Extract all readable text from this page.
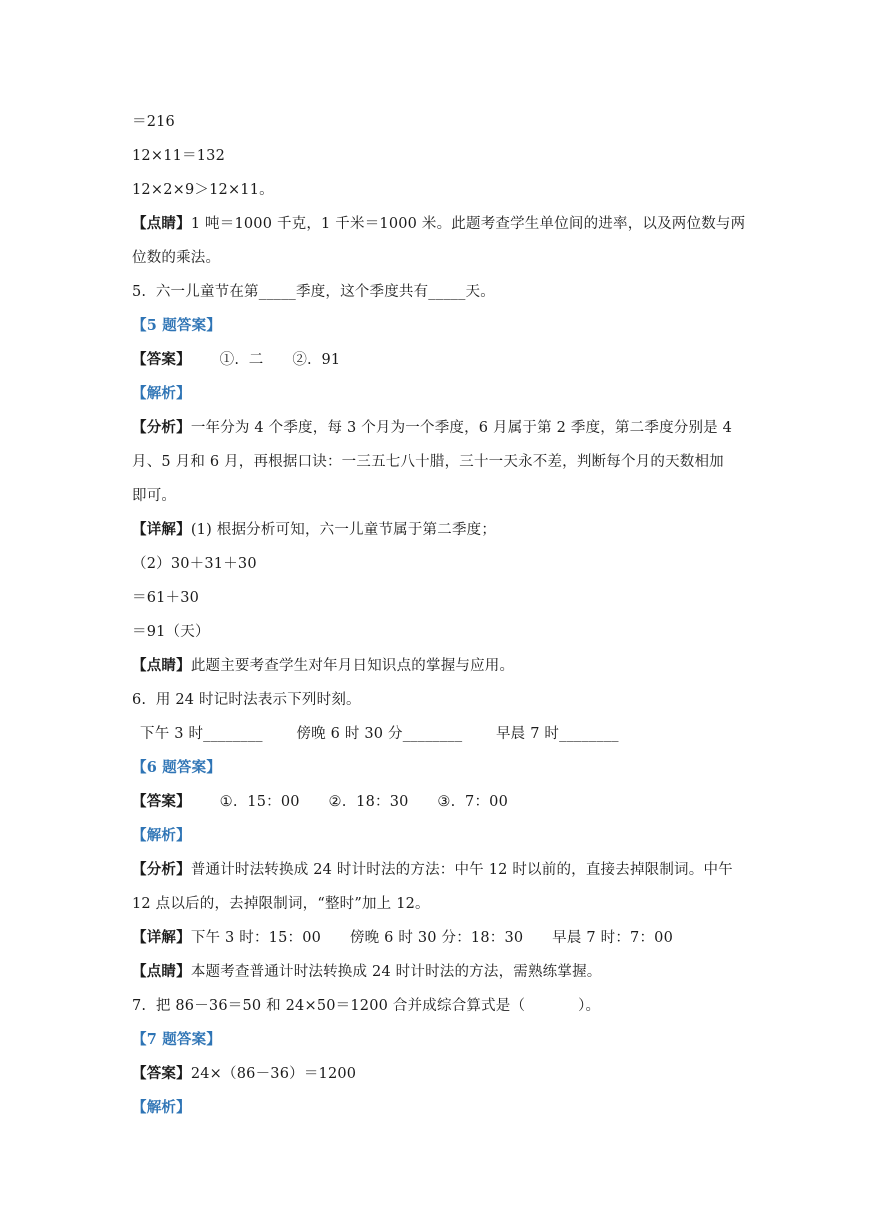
＝216
12×11＝132
12×2×9＞12×11。
【点睛】1 吨＝1000 千克，1 千米＝1000 米。此题考查学生单位间的进率，以及两位数与两
位数的乘法。
5.  六一儿童节在第_____季度，这个季度共有_____天。
【5 题答案】
【答案】      ①.  二      ②.  91
【解析】
【分析】一年分为 4 个季度，每 3 个月为一个季度，6 月属于第 2 季度，第二季度分别是 4
月、5 月和 6 月，再根据口诀：一三五七八十腊，三十一天永不差，判断每个月的天数相加
即可。
【详解】(1) 根据分析可知，六一儿童节属于第二季度；
（2）30＋31＋30
＝61＋30
＝91（天）
【点睛】此题主要考查学生对年月日知识点的掌握与应用。
6.  用 24 时记时法表示下列时刻。
下午 3 时________       傍晚 6 时 30 分________       早晨 7 时________
【6 题答案】
【答案】      ①.  15：00      ②.  18：30      ③.  7：00
【解析】
【分析】普通计时法转换成 24 时计时法的方法：中午 12 时以前的，直接去掉限制词。中午
12 点以后的，去掉限制词，“整时”加上 12。
【详解】下午 3 时：15：00      傍晚 6 时 30 分：18：30      早晨 7 时：7：00
【点睛】本题考查普通计时法转换成 24 时计时法的方法，需熟练掌握。
7.  把 86－36＝50 和 24×50＝1200 合并成综合算式是（           ）。
【7 题答案】
【答案】24×（86－36）＝1200
【解析】
